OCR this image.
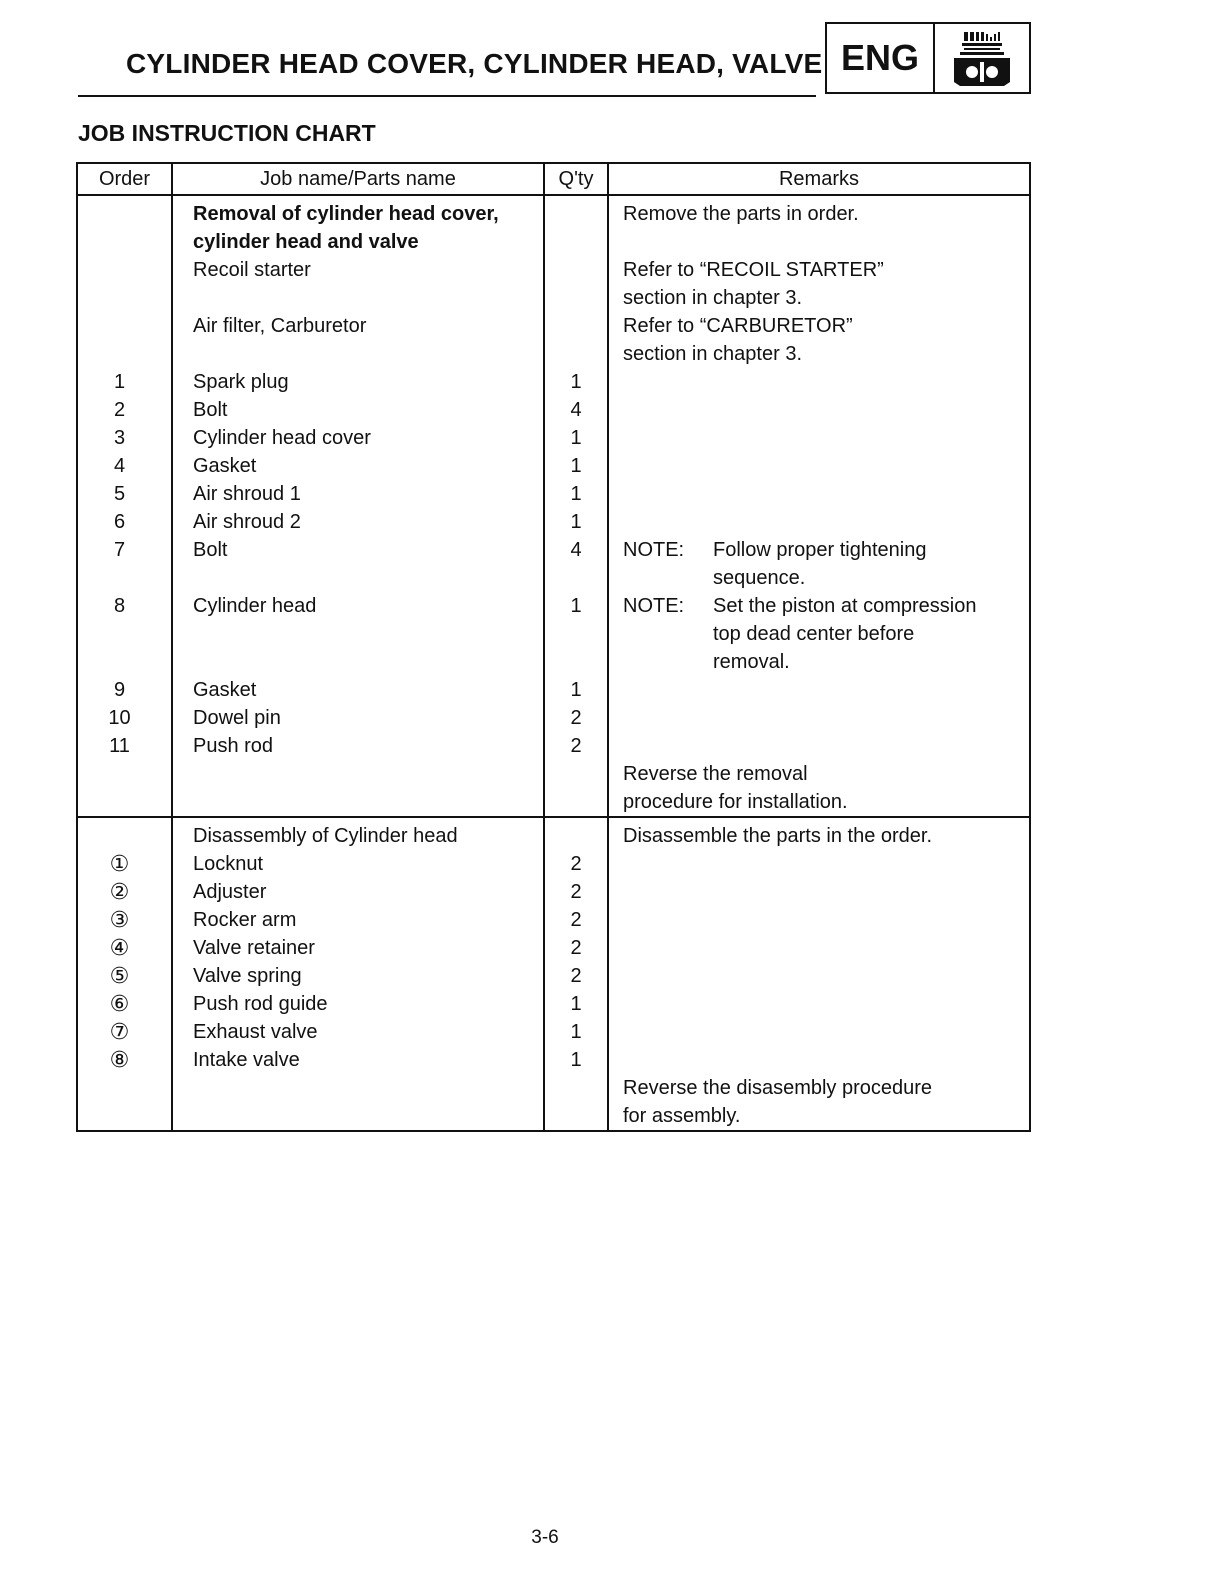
CYLINDER HEAD COVER, CYLINDER HEAD, VALVE ENG
JOB INSTRUCTION CHART
Order	Job name/Parts name	Q'ty	Remarks
	Removal of cylinder head cover,		Remove the parts in order.
	cylinder head and valve		
	Recoil starter		Refer to “RECOIL STARTER”
			section in chapter 3.
	Air filter, Carburetor		Refer to “CARBURETOR”
			section in chapter 3.
1	Spark plug	1	
2	Bolt	4	
3	Cylinder head cover	1	
4	Gasket	1	
5	Air shroud 1	1	
6	Air shroud 2	1	
7	Bolt	4	NOTE: Follow proper tightening

			sequence.

8	Cylinder head	1	NOTE: Set the piston at compression

			top dead center before

			removal.

9	Gasket	1	
10	Dowel pin	2	
11	Push rod	2	
			Reverse the removal
			procedure for installation.
	Disassembly of Cylinder head		Disassemble the parts in the order.
①	Locknut	2	
②	Adjuster	2	
③	Rocker arm	2	
④	Valve retainer	2	
⑤	Valve spring	2	
⑥	Push rod guide	1	
⑦	Exhaust valve	1	
⑧	Intake valve	1	
			Reverse the disasembly procedure
			for assembly.
3-6
